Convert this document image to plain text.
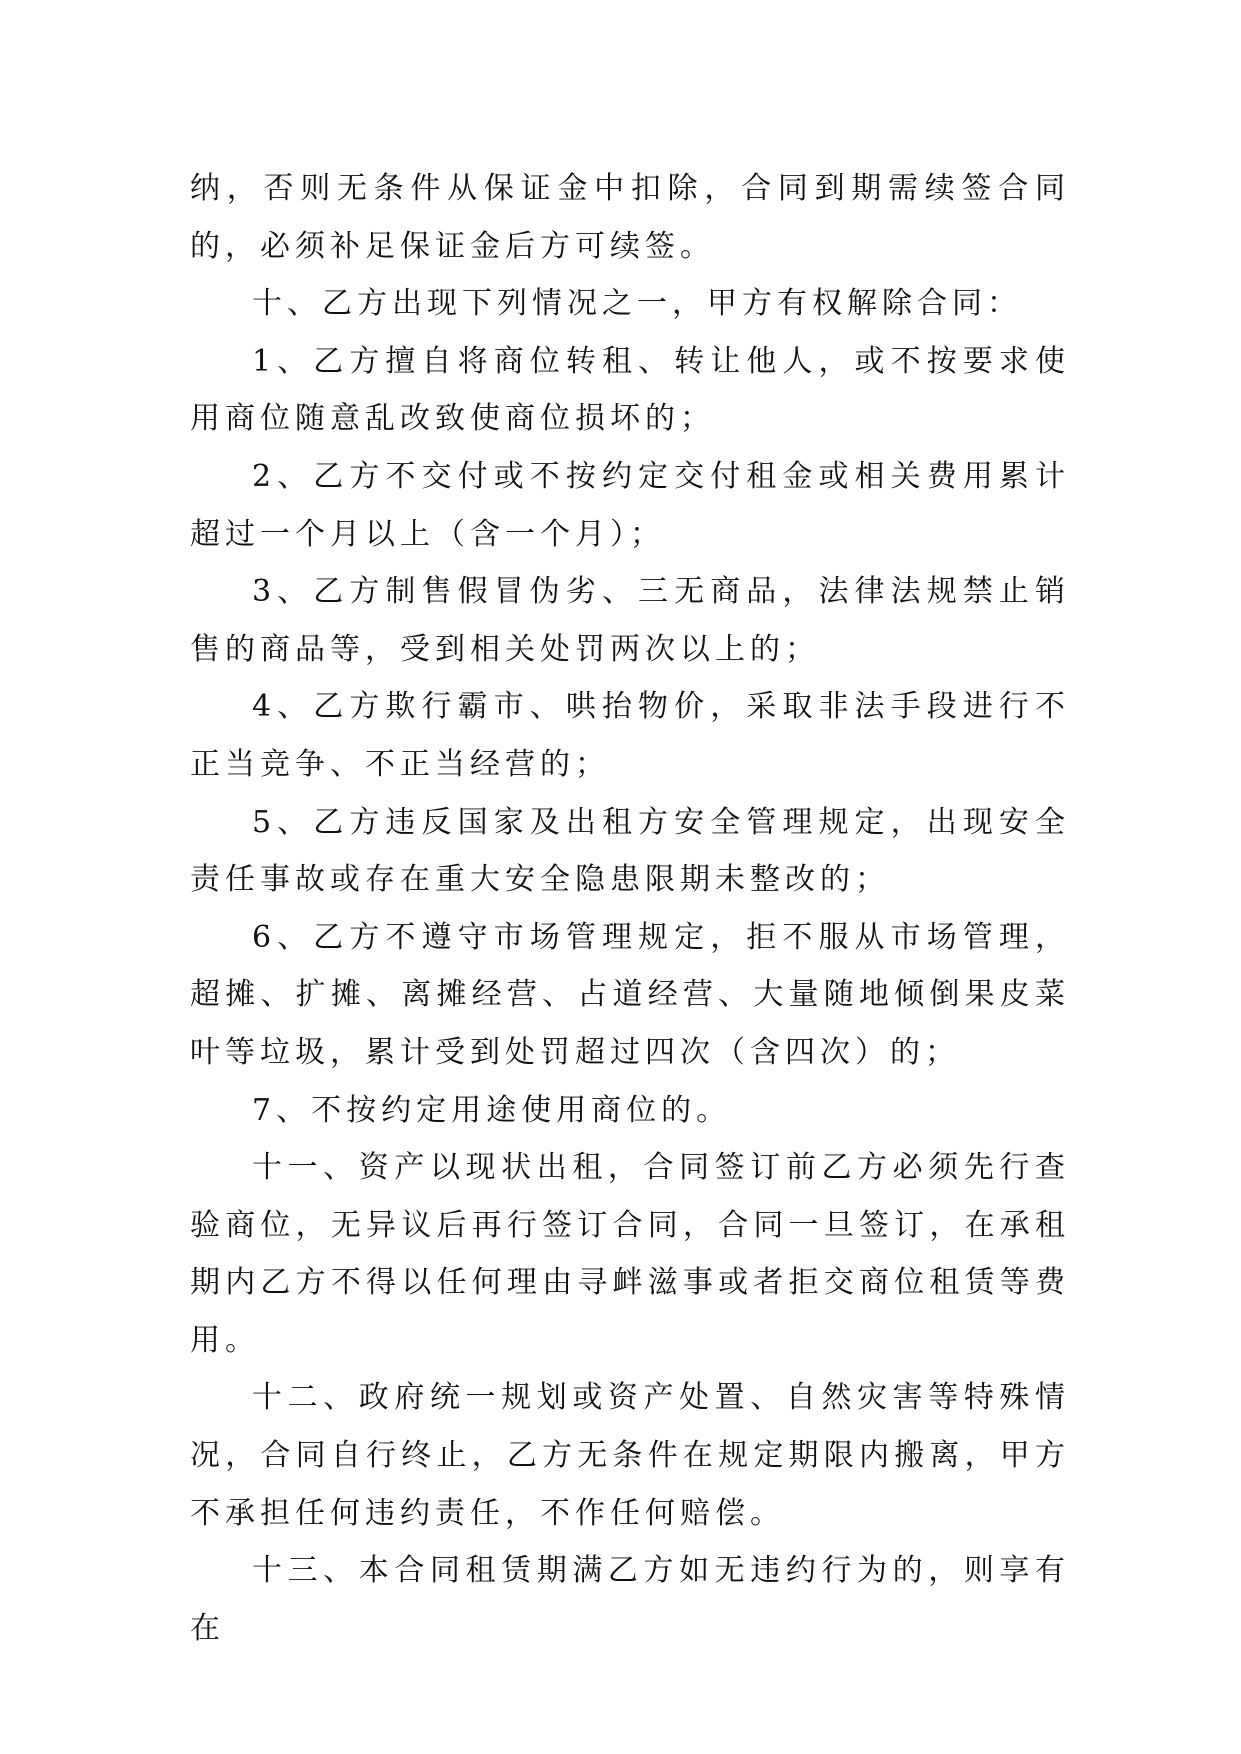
纳，否则无条件从保证金中扣除，合同到期需续签合同的，必须补足保证金后方可续签。

十、乙方出现下列情况之一，甲方有权解除合同：

1、乙方擅自将商位转租、转让他人，或不按要求使用商位随意乱改致使商位损坏的；

2、乙方不交付或不按约定交付租金或相关费用累计超过一个月以上（含一个月）；

3、乙方制售假冒伪劣、三无商品，法律法规禁止销售的商品等，受到相关处罚两次以上的；

4、乙方欺行霸市、哄抬物价，采取非法手段进行不正当竞争、不正当经营的；

5、乙方违反国家及出租方安全管理规定，出现安全责任事故或存在重大安全隐患限期未整改的；

6、乙方不遵守市场管理规定，拒不服从市场管理，超摊、扩摊、离摊经营、占道经营、大量随地倾倒果皮菜叶等垃圾，累计受到处罚超过四次（含四次）的；

7、不按约定用途使用商位的。

十一、资产以现状出租，合同签订前乙方必须先行查验商位，无异议后再行签订合同，合同一旦签订，在承租期内乙方不得以任何理由寻衅滋事或者拒交商位租赁等费用。

十二、政府统一规划或资产处置、自然灾害等特殊情况，合同自行终止，乙方无条件在规定期限内搬离，甲方不承担任何违约责任，不作任何赔偿。

十三、本合同租赁期满乙方如无违约行为的，则享有在
